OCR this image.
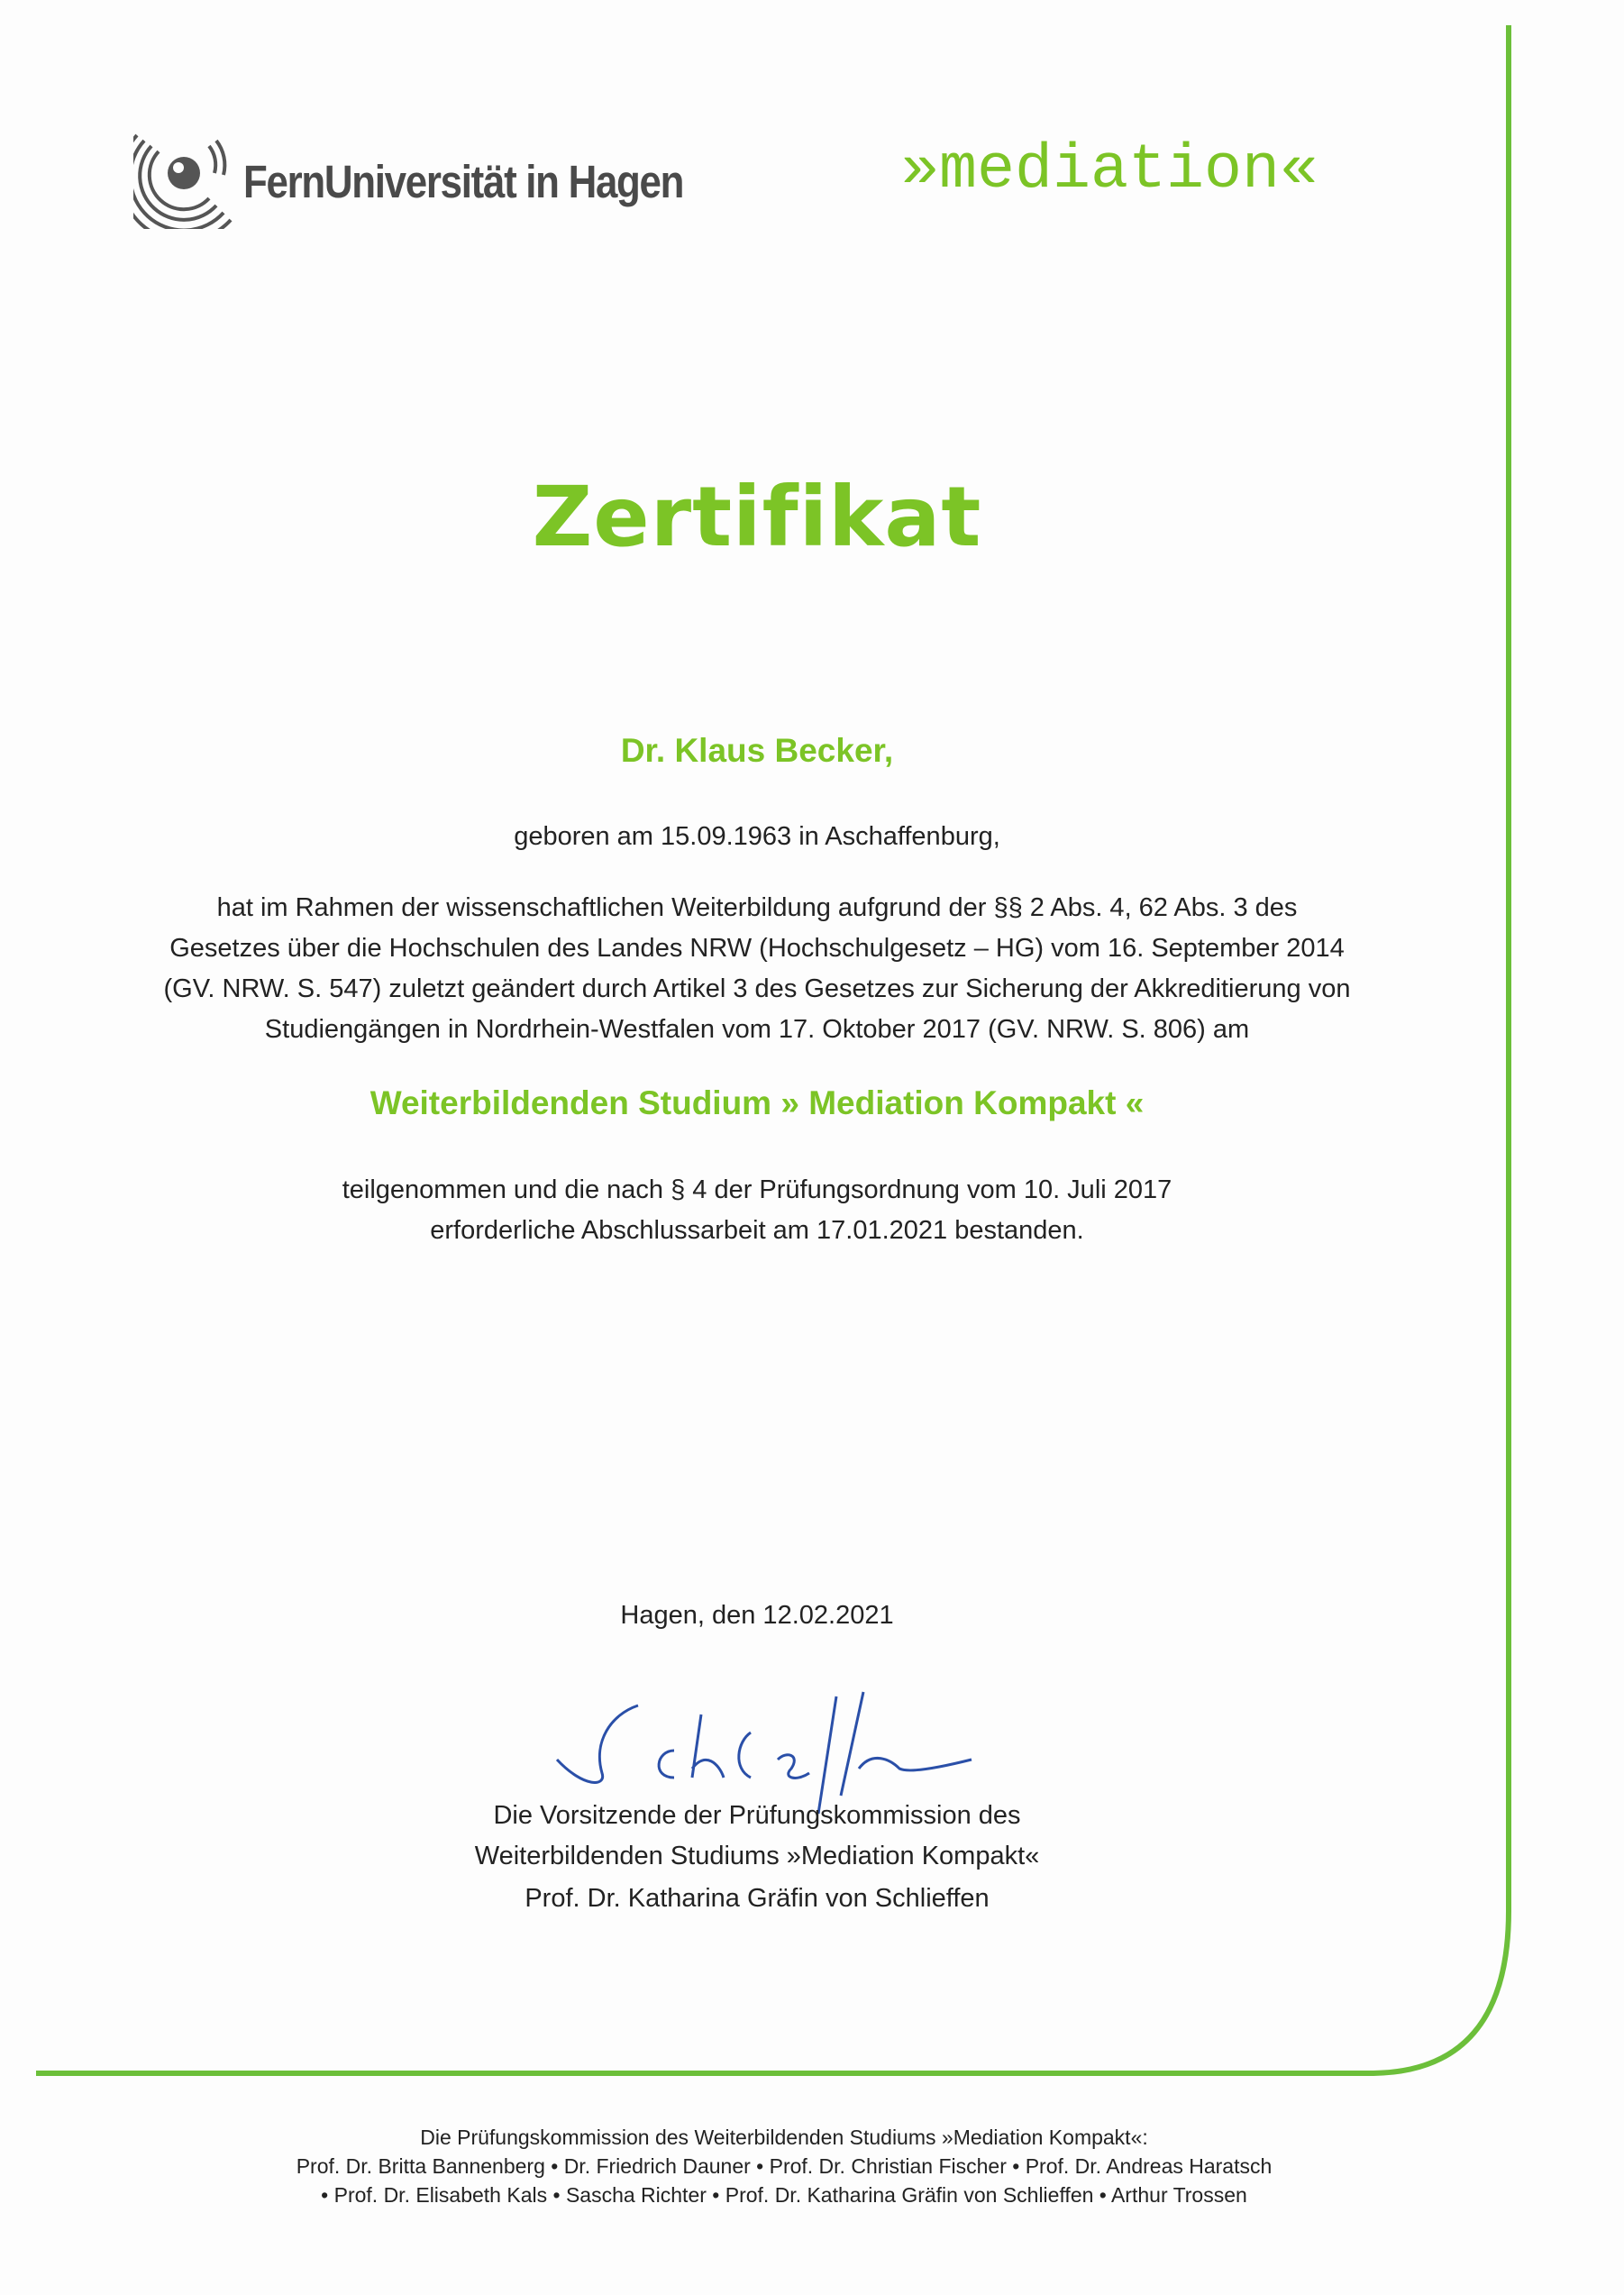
FernUniversität in Hagen	»mediation«
Zertifikat
Dr. Klaus Becker,
geboren am 15.09.1963 in Aschaffenburg,
hat im Rahmen der wissenschaftlichen Weiterbildung aufgrund der §§ 2 Abs. 4, 62 Abs. 3 des
Gesetzes über die Hochschulen des Landes NRW (Hochschulgesetz – HG) vom 16. September 2014
(GV. NRW. S. 547) zuletzt geändert durch Artikel 3 des Gesetzes zur Sicherung der Akkreditierung von
Studiengängen in Nordrhein-Westfalen vom 17. Oktober 2017 (GV. NRW. S. 806) am
Weiterbildenden Studium » Mediation Kompakt «
teilgenommen und die nach § 4 der Prüfungsordnung vom 10. Juli 2017
erforderliche Abschlussarbeit am 17.01.2021 bestanden.
Hagen, den 12.02.2021
Die Vorsitzende der Prüfungskommission des
Weiterbildenden Studiums »Mediation Kompakt«
Prof. Dr. Katharina Gräfin von Schlieffen
Die Prüfungskommission des Weiterbildenden Studiums »Mediation Kompakt«:
Prof. Dr. Britta Bannenberg • Dr. Friedrich Dauner • Prof. Dr. Christian Fischer • Prof. Dr. Andreas Haratsch
• Prof. Dr. Elisabeth Kals • Sascha Richter • Prof. Dr. Katharina Gräfin von Schlieffen • Arthur Trossen
